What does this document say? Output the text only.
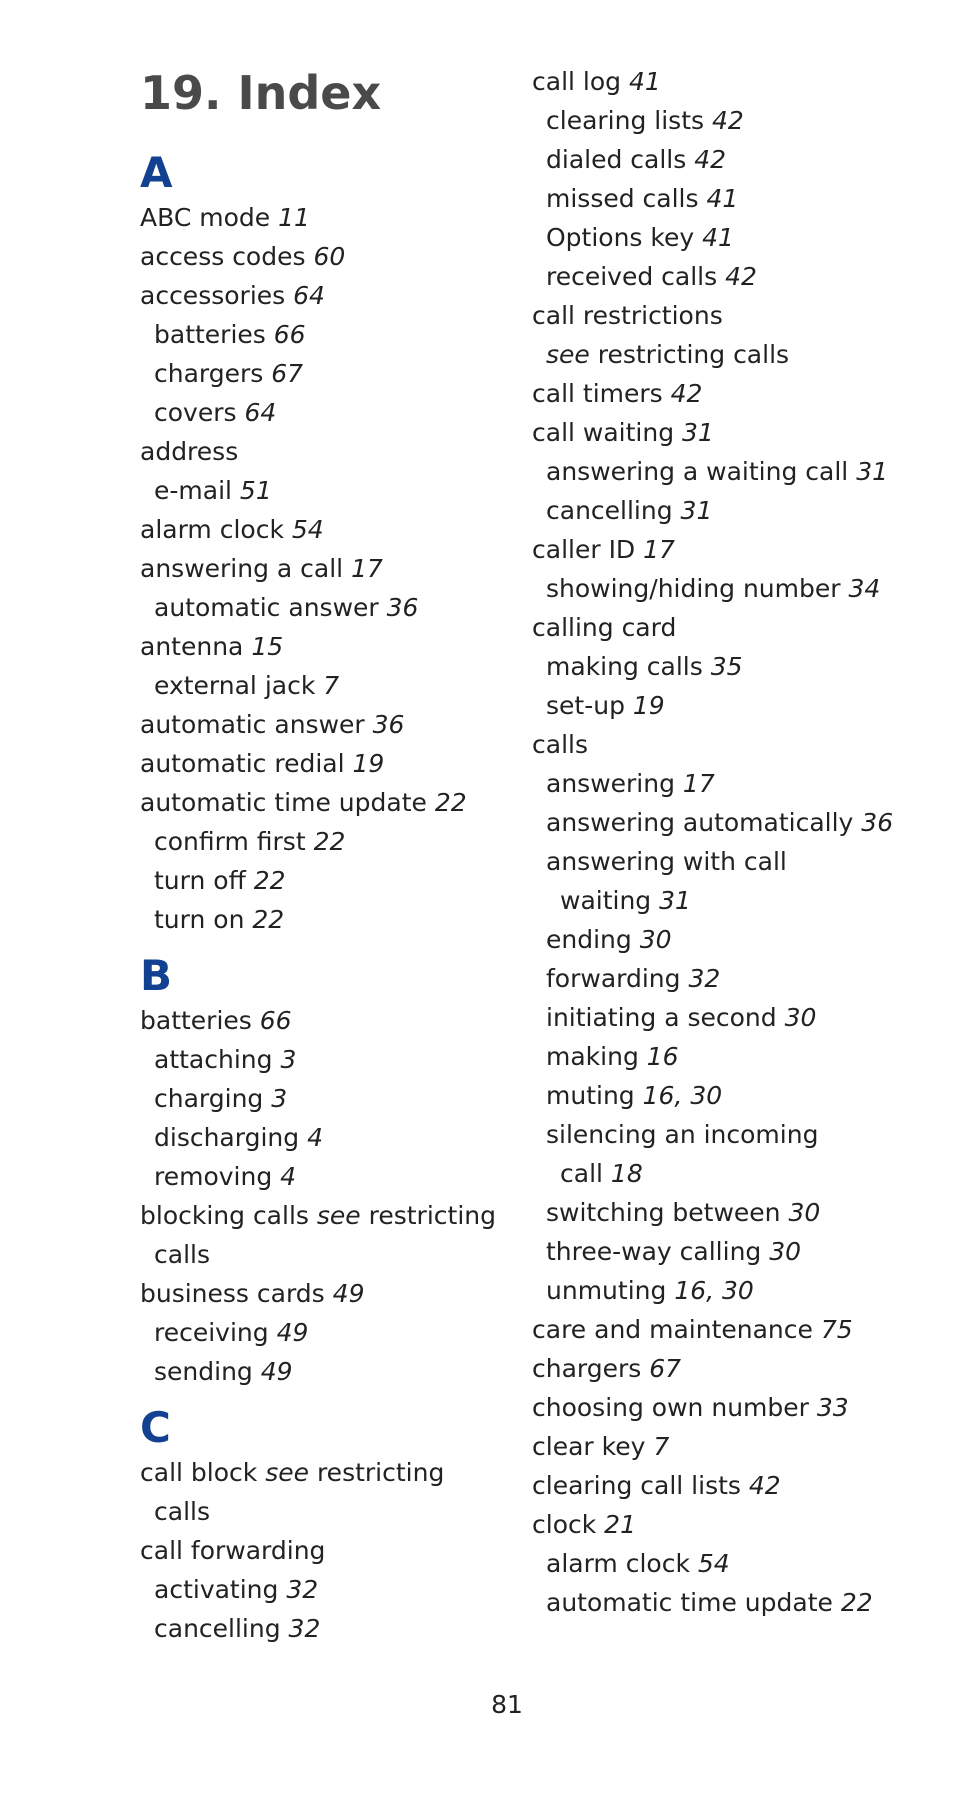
19. Index
A
ABC mode 11
access codes 60
accessories 64
batteries 66
chargers 67
covers 64
address
e-mail 51
alarm clock 54
answering a call 17
automatic answer 36
antenna 15
external jack 7
automatic answer 36
automatic redial 19
automatic time update 22
confirm first 22
turn off 22
turn on 22
B
batteries 66
attaching 3
charging 3
discharging 4
removing 4
blocking calls see restricting
calls
business cards 49
receiving 49
sending 49
C
call block see restricting
calls
call forwarding
activating 32
cancelling 32
call log 41
clearing lists 42
dialed calls 42
missed calls 41
Options key 41
received calls 42
call restrictions
see restricting calls
call timers 42
call waiting 31
answering a waiting call 31
cancelling 31
caller ID 17
showing/hiding number 34
calling card
making calls 35
set-up 19
calls
answering 17
answering automatically 36
answering with call
waiting 31
ending 30
forwarding 32
initiating a second 30
making 16
muting 16, 30
silencing an incoming
call 18
switching between 30
three-way calling 30
unmuting 16, 30
care and maintenance 75
chargers 67
choosing own number 33
clear key 7
clearing call lists 42
clock 21
alarm clock 54
automatic time update 22
81
